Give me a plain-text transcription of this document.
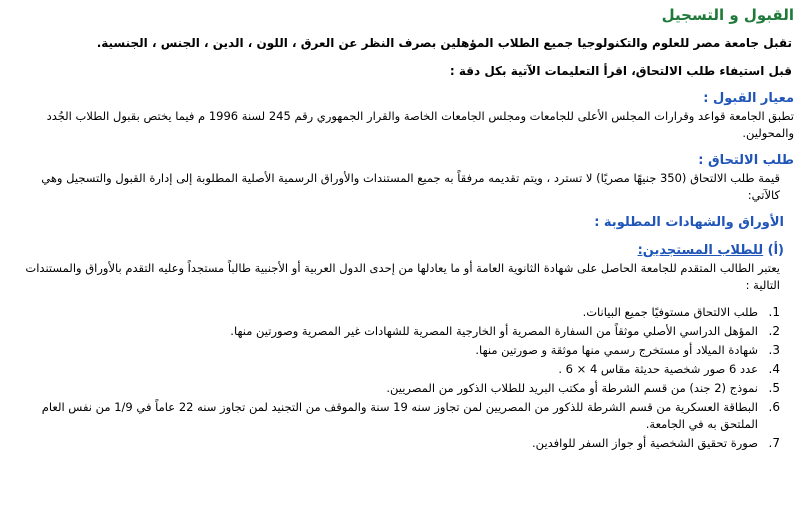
القبول و التسجيل
تقبل جامعة مصر للعلوم والتكنولوجيا جميع الطلاب المؤهلين بصرف النظر عن العرق ، اللون ، الدين ، الجنس ، الجنسية.
قبل استيفاء طلب الالتحاق، اقرأ التعليمات الآتية بكل دقة :
معيار القبول :
تطبق الجامعة قواعد وقرارات المجلس الأعلى للجامعات ومجلس الجامعات الخاصة والقرار الجمهوري رقم 245 لسنة 1996 م فيما يختص بقبول الطلاب الجُدد والمحولين.
طلب الالتحاق :
قيمة طلب الالتحاق (350 جنيهًا مصريًا) لا تسترد ، ويتم تقديمه مرفقاً به جميع المستندات والأوراق الرسمية الأصلية المطلوبة إلى إدارة القبول والتسجيل وهي كالآتي:
الأوراق والشهادات المطلوبة :
(أ) للطلاب المستجدين:
يعتبر الطالب المتقدم للجامعة الحاصل على شهادة الثانوية العامة أو ما يعادلها من إحدى الدول العربية أو الأجنبية طالباً مستجداً وعليه التقدم بالأوراق والمستندات التالية :
1.
طلب الالتحاق مستوفيًا جميع البيانات.
2.
المؤهل الدراسي الأصلي موثقاً من السفارة المصرية أو الخارجية المصرية للشهادات غير المصرية وصورتين منها.
3.
شهادة الميلاد أو مستخرج رسمي منها موثقة و صورتين منها.
4.
عدد 6 صور شخصية حديثة مقاس 4 × 6 .
5.
نموذج (2 جند) من قسم الشرطة أو مكتب البريد للطلاب الذكور من المصريين.
6.
البطاقة العسكرية من قسم الشرطة للذكور من المصريين لمن تجاوز سنه 19 سنة والموقف من التجنيد لمن تجاوز سنه 22 عاماً في 1/9 من نفس العام الملتحق به في الجامعة.
7.
صورة تحقيق الشخصية أو جواز السفر للوافدين.
